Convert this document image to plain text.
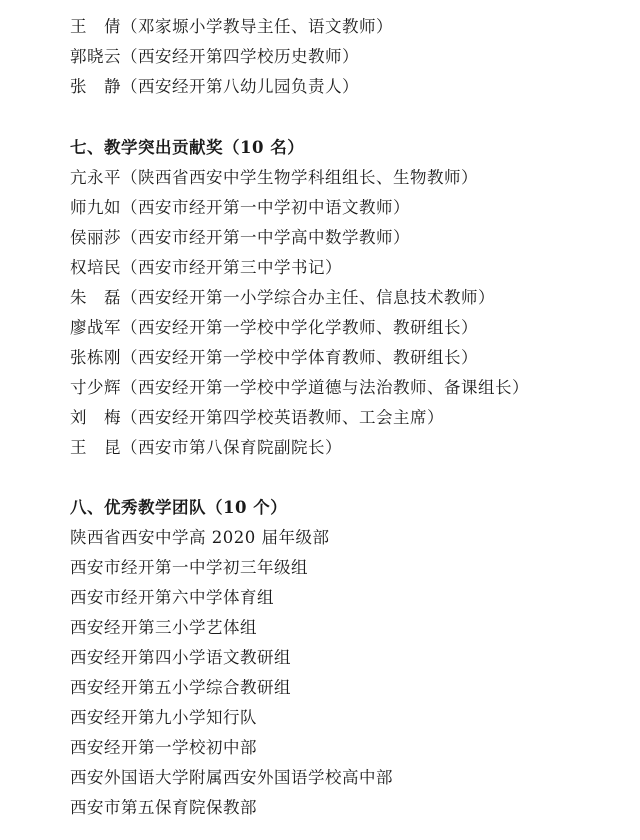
王　倩（邓家塬小学教导主任、语文教师）
郭晓云（西安经开第四学校历史教师）
张　静（西安经开第八幼儿园负责人）
七、教学突出贡献奖（10 名）
亢永平（陕西省西安中学生物学科组组长、生物教师）
师九如（西安市经开第一中学初中语文教师）
侯丽莎（西安市经开第一中学高中数学教师）
权培民（西安市经开第三中学书记）
朱　磊（西安经开第一小学综合办主任、信息技术教师）
廖战军（西安经开第一学校中学化学教师、教研组长）
张栋刚（西安经开第一学校中学体育教师、教研组长）
寸少辉（西安经开第一学校中学道德与法治教师、备课组长）
刘　梅（西安经开第四学校英语教师、工会主席）
王　昆（西安市第八保育院副院长）
八、优秀教学团队（10 个）
陕西省西安中学高 2020 届年级部
西安市经开第一中学初三年级组
西安市经开第六中学体育组
西安经开第三小学艺体组
西安经开第四小学语文教研组
西安经开第五小学综合教研组
西安经开第九小学知行队
西安经开第一学校初中部
西安外国语大学附属西安外国语学校高中部
西安市第五保育院保教部
